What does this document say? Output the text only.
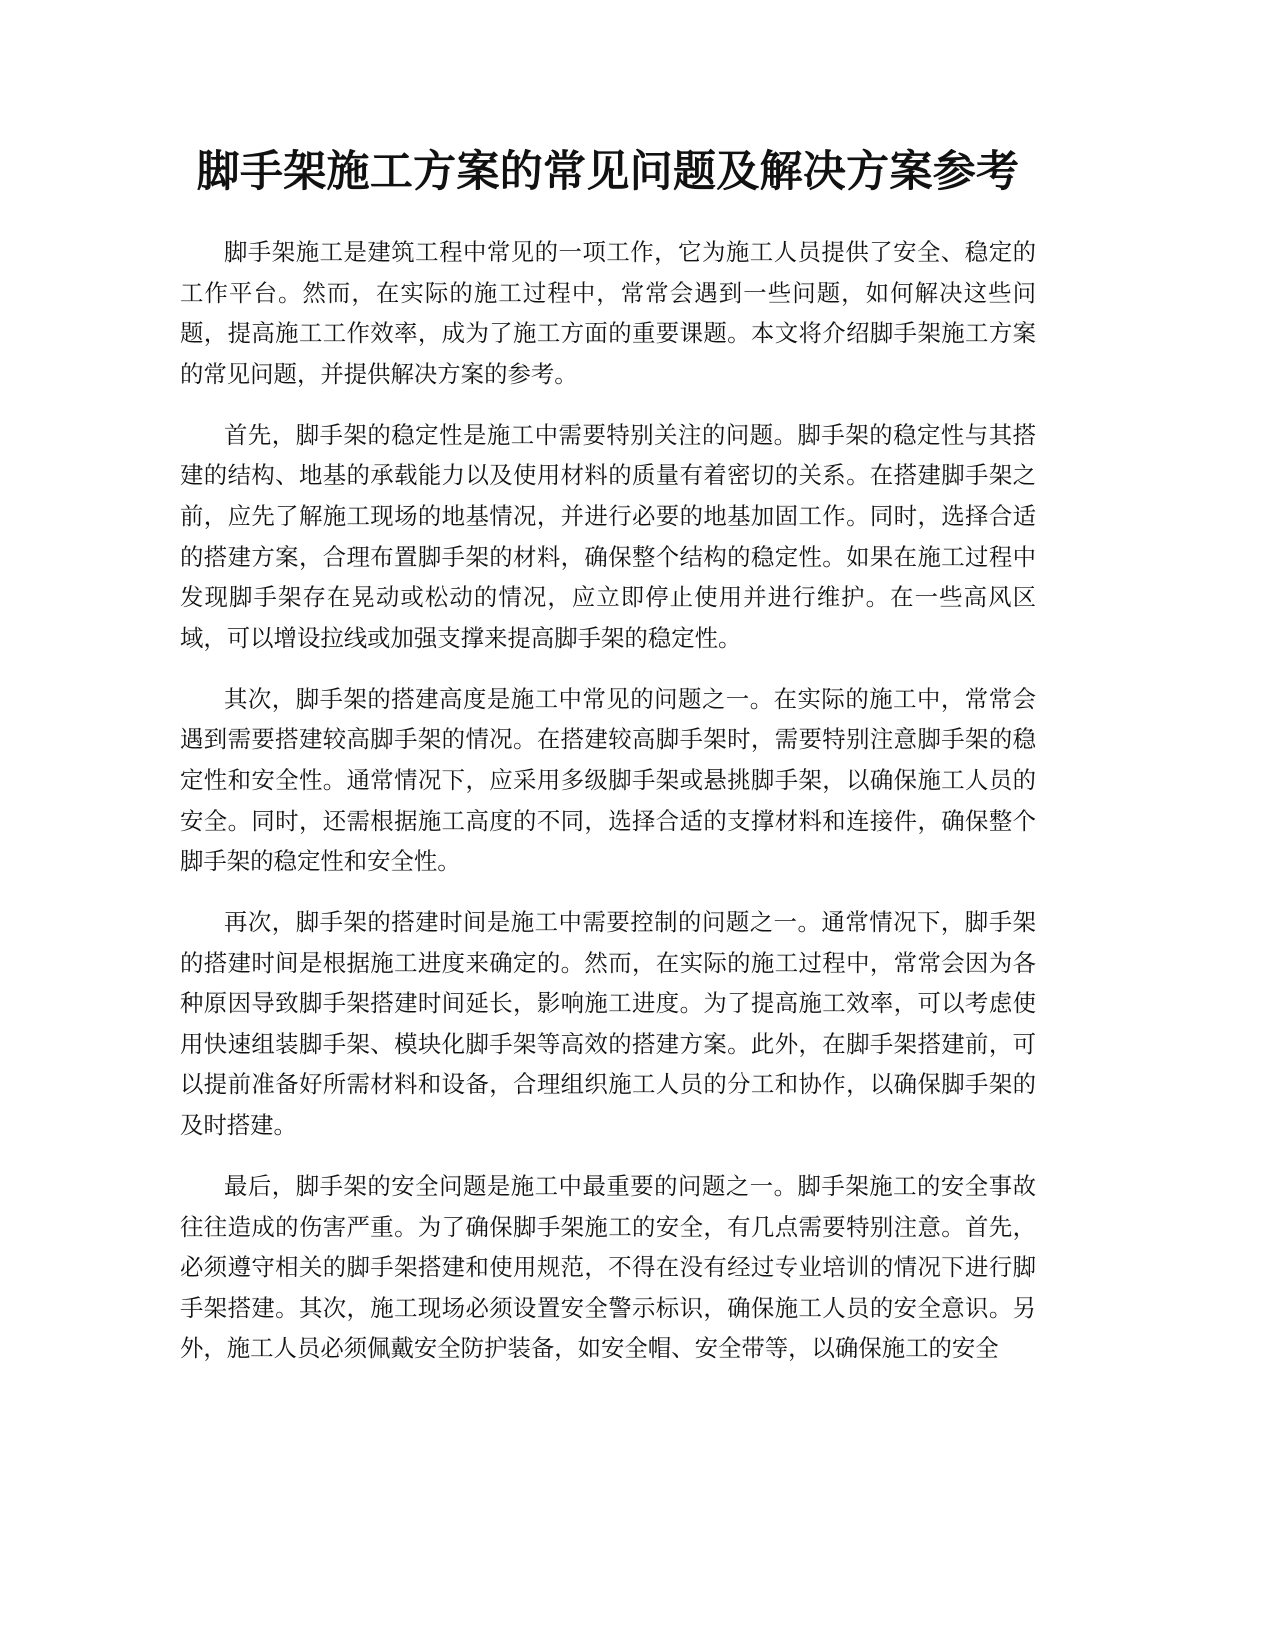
脚手架施工方案的常见问题及解决方案参考
脚手架施工是建筑工程中常见的一项工作，它为施工人员提供了安全、稳定的
工作平台。然而，在实际的施工过程中，常常会遇到一些问题，如何解决这些问
题，提高施工工作效率，成为了施工方面的重要课题。本文将介绍脚手架施工方案
的常见问题，并提供解决方案的参考。
首先，脚手架的稳定性是施工中需要特别关注的问题。脚手架的稳定性与其搭
建的结构、地基的承载能力以及使用材料的质量有着密切的关系。在搭建脚手架之
前，应先了解施工现场的地基情况，并进行必要的地基加固工作。同时，选择合适
的搭建方案，合理布置脚手架的材料，确保整个结构的稳定性。如果在施工过程中
发现脚手架存在晃动或松动的情况，应立即停止使用并进行维护。在一些高风区
域，可以增设拉线或加强支撑来提高脚手架的稳定性。
其次，脚手架的搭建高度是施工中常见的问题之一。在实际的施工中，常常会
遇到需要搭建较高脚手架的情况。在搭建较高脚手架时，需要特别注意脚手架的稳
定性和安全性。通常情况下，应采用多级脚手架或悬挑脚手架，以确保施工人员的
安全。同时，还需根据施工高度的不同，选择合适的支撑材料和连接件，确保整个
脚手架的稳定性和安全性。
再次，脚手架的搭建时间是施工中需要控制的问题之一。通常情况下，脚手架
的搭建时间是根据施工进度来确定的。然而，在实际的施工过程中，常常会因为各
种原因导致脚手架搭建时间延长，影响施工进度。为了提高施工效率，可以考虑使
用快速组装脚手架、模块化脚手架等高效的搭建方案。此外，在脚手架搭建前，可
以提前准备好所需材料和设备，合理组织施工人员的分工和协作，以确保脚手架的
及时搭建。
最后，脚手架的安全问题是施工中最重要的问题之一。脚手架施工的安全事故
往往造成的伤害严重。为了确保脚手架施工的安全，有几点需要特别注意。首先，
必须遵守相关的脚手架搭建和使用规范，不得在没有经过专业培训的情况下进行脚
手架搭建。其次，施工现场必须设置安全警示标识，确保施工人员的安全意识。另
外，施工人员必须佩戴安全防护装备，如安全帽、安全带等，以确保施工的安全
